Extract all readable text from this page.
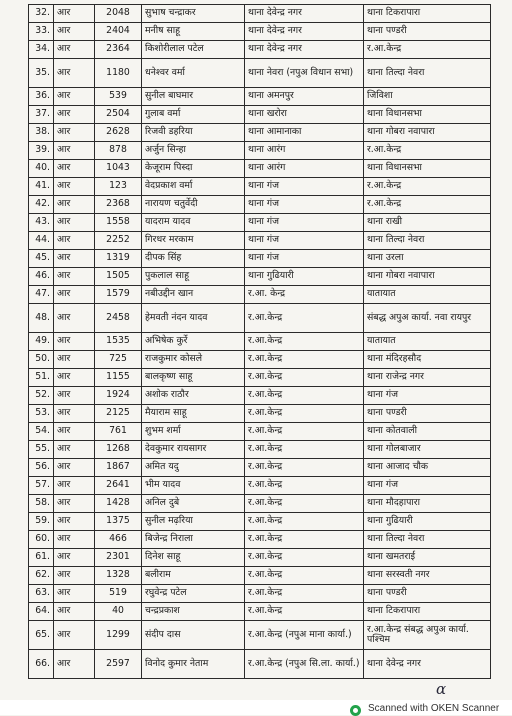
32.	आर	2048	सुभाष चन्द्राकर	थाना देवेन्द्र नगर	थाना टिकरापारा
33.	आर	2404	मनीष साहू	थाना देवेन्द्र नगर	थाना पण्डरी
34.	आर	2364	किशोरीलाल पटेल	थाना देवेन्द्र नगर	र.आ.केन्द्र
35.	आर	1180	धनेश्वर वर्मा	थाना नेवरा (नपुअ विधान सभा)	थाना तिल्दा नेवरा
36.	आर	539	सुनील बाघमार	थाना अमनपुर	जिविशा
37.	आर	2504	गुलाब वर्मा	थाना खरोरा	थाना विधानसभा
38.	आर	2628	रिजवी डहरिया	थाना आमानाका	थाना गोबरा नवापारा
39.	आर	878	अर्जुन सिन्हा	थाना आरंग	र.आ.केन्द्र
40.	आर	1043	केजूराम पिस्दा	थाना आरंग	थाना विधानसभा
41.	आर	123	वेदप्रकाश वर्मा	थाना गंज	र.आ.केन्द्र
42.	आर	2368	नारायण चतुर्वेदी	थाना गंज	र.आ.केन्द्र
43.	आर	1558	यादराम यादव	थाना गंज	थाना राखी
44.	आर	2252	गिरधर मरकाम	थाना गंज	थाना तिल्दा नेवरा
45.	आर	1319	दीपक सिंह	थाना गंज	थाना उरला
46.	आर	1505	पुकलाल साहू	थाना गुढियारी	थाना गोबरा नवापारा
47.	आर	1579	नबीउद्दीन खान	र.आ. केन्द्र	यातायात
48.	आर	2458	हेमवती नंदन यादव	र.आ.केन्द्र	संबद्ध अपुअ कार्या. नवा रायपुर
49.	आर	1535	अभिषेक कुर्रे	र.आ.केन्द्र	यातायात
50.	आर	725	राजकुमार कोसले	र.आ.केन्द्र	थाना मंदिरहसौद
51.	आर	1155	बालकृष्ण साहू	र.आ.केन्द्र	थाना राजेन्द्र नगर
52.	आर	1924	अशोक राठौर	र.आ.केन्द्र	थाना गंज
53.	आर	2125	मैयाराम साहू	र.आ.केन्द्र	थाना पण्डरी
54.	आर	761	शुभम शर्मा	र.आ.केन्द्र	थाना कोतवाली
55.	आर	1268	देवकुमार रायसागर	र.आ.केन्द्र	थाना गोलबाजार
56.	आर	1867	अमित यदु	र.आ.केन्द्र	थाना आजाद चौक
57.	आर	2641	भीम यादव	र.आ.केन्द्र	थाना गंज
58.	आर	1428	अनिल दुबे	र.आ.केन्द्र	थाना मौदहापारा
59.	आर	1375	सुनील मढ़रिया	र.आ.केन्द्र	थाना गुढियारी
60.	आर	466	बिजेन्द्र निराला	र.आ.केन्द्र	थाना तिल्दा नेवरा
61.	आर	2301	दिनेश साहू	र.आ.केन्द्र	थाना खमतराई
62.	आर	1328	बलीराम	र.आ.केन्द्र	थाना सरस्वती नगर
63.	आर	519	रघुवेन्द्र पटेल	र.आ.केन्द्र	थाना पण्डरी
64.	आर	40	चन्द्रप्रकाश	र.आ.केन्द्र	थाना टिकरापारा
65.	आर	1299	संदीप दास	र.आ.केन्द्र (नपुअ माना कार्या.)	र.आ.केन्द्र संबद्ध अपुअ कार्या. पश्चिम
66.	आर	2597	विनोद कुमार नेताम	र.आ.केन्द्र (नपुअ सि.ला. कार्या.)	थाना देवेन्द्र नगर
ɑ
Scanned with OKEN Scanner
